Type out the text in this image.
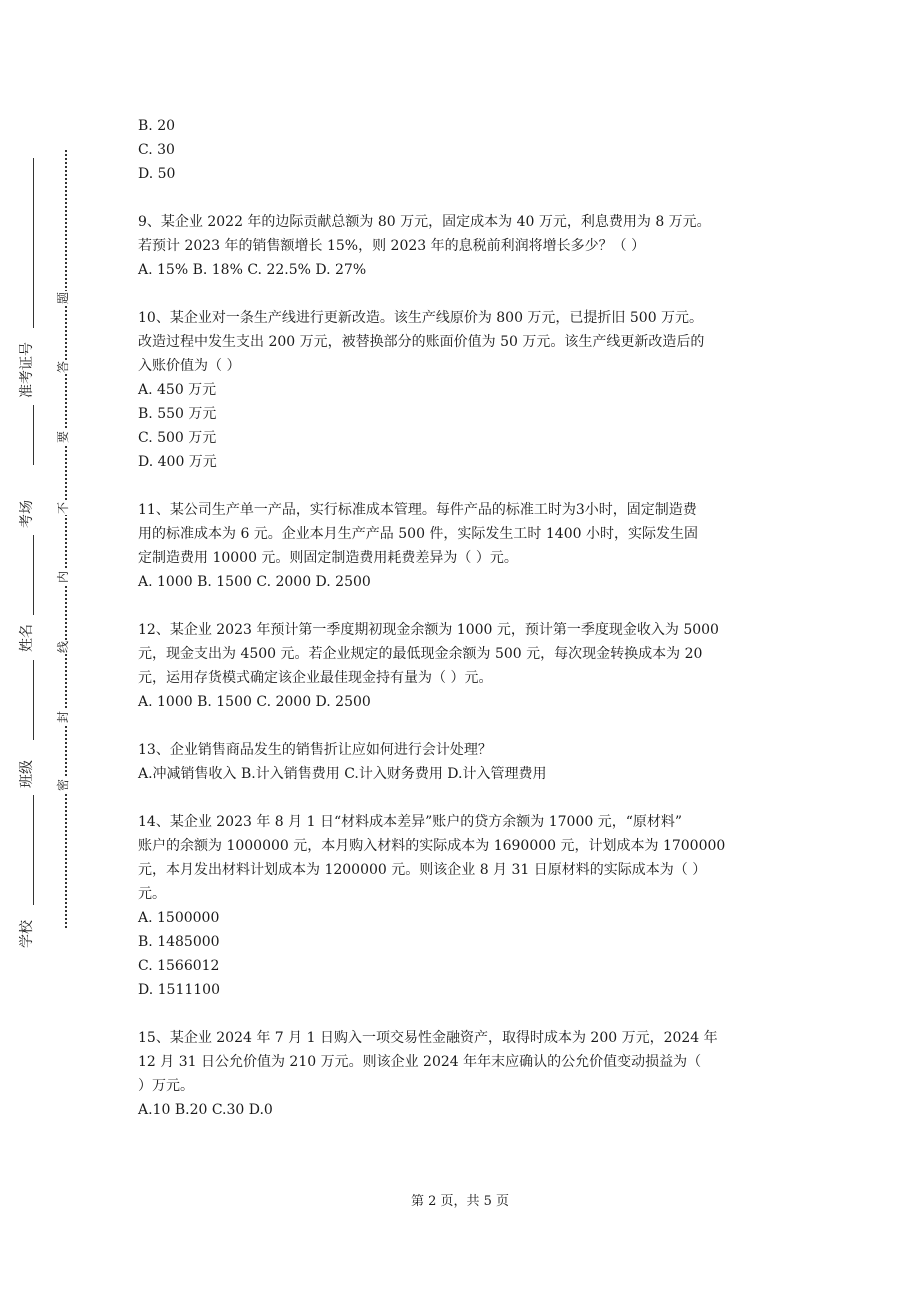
准考证号
考场
姓名
班级
学校
题
答
要
不
内
线
封
密

B. 20

C. 30

D. 50

9、某企业 2022 年的边际贡献总额为 80 万元，固定成本为 40 万元，利息费用为 8 万元。

若预计 2023 年的销售额增长 15%，则 2023 年的息税前利润将增长多少？（ ）

A. 15% B. 18% C. 22.5% D. 27%

10、某企业对一条生产线进行更新改造。该生产线原价为 800 万元，已提折旧 500 万元。

改造过程中发生支出 200 万元，被替换部分的账面价值为 50 万元。该生产线更新改造后的

入账价值为（ ）

A. 450 万元

B. 550 万元

C. 500 万元

D. 400 万元

11、某公司生产单一产品，实行标准成本管理。每件产品的标准工时为3小时，固定制造费

用的标准成本为 6 元。企业本月生产产品 500 件，实际发生工时 1400 小时，实际发生固

定制造费用 10000 元。则固定制造费用耗费差异为（ ）元。

A. 1000 B. 1500 C. 2000 D. 2500

12、某企业 2023 年预计第一季度期初现金余额为 1000 元，预计第一季度现金收入为 5000

元，现金支出为 4500 元。若企业规定的最低现金余额为 500 元，每次现金转换成本为 20

元，运用存货模式确定该企业最佳现金持有量为（ ）元。

A. 1000 B. 1500 C. 2000 D. 2500

13、企业销售商品发生的销售折让应如何进行会计处理？

A.冲减销售收入 B.计入销售费用 C.计入财务费用 D.计入管理费用

14、某企业 2023 年 8 月 1 日“材料成本差异”账户的贷方余额为 17000 元，“原材料”

账户的余额为 1000000 元，本月购入材料的实际成本为 1690000 元，计划成本为 1700000

元，本月发出材料计划成本为 1200000 元。则该企业 8 月 31 日原材料的实际成本为（ ）

元。

A. 1500000

B. 1485000

C. 1566012

D. 1511100

15、某企业 2024 年 7 月 1 日购入一项交易性金融资产，取得时成本为 200 万元，2024 年

12 月 31 日公允价值为 210 万元。则该企业 2024 年年末应确认的公允价值变动损益为（

）万元。

A.10 B.20 C.30 D.0

第 2 页，共 5 页
